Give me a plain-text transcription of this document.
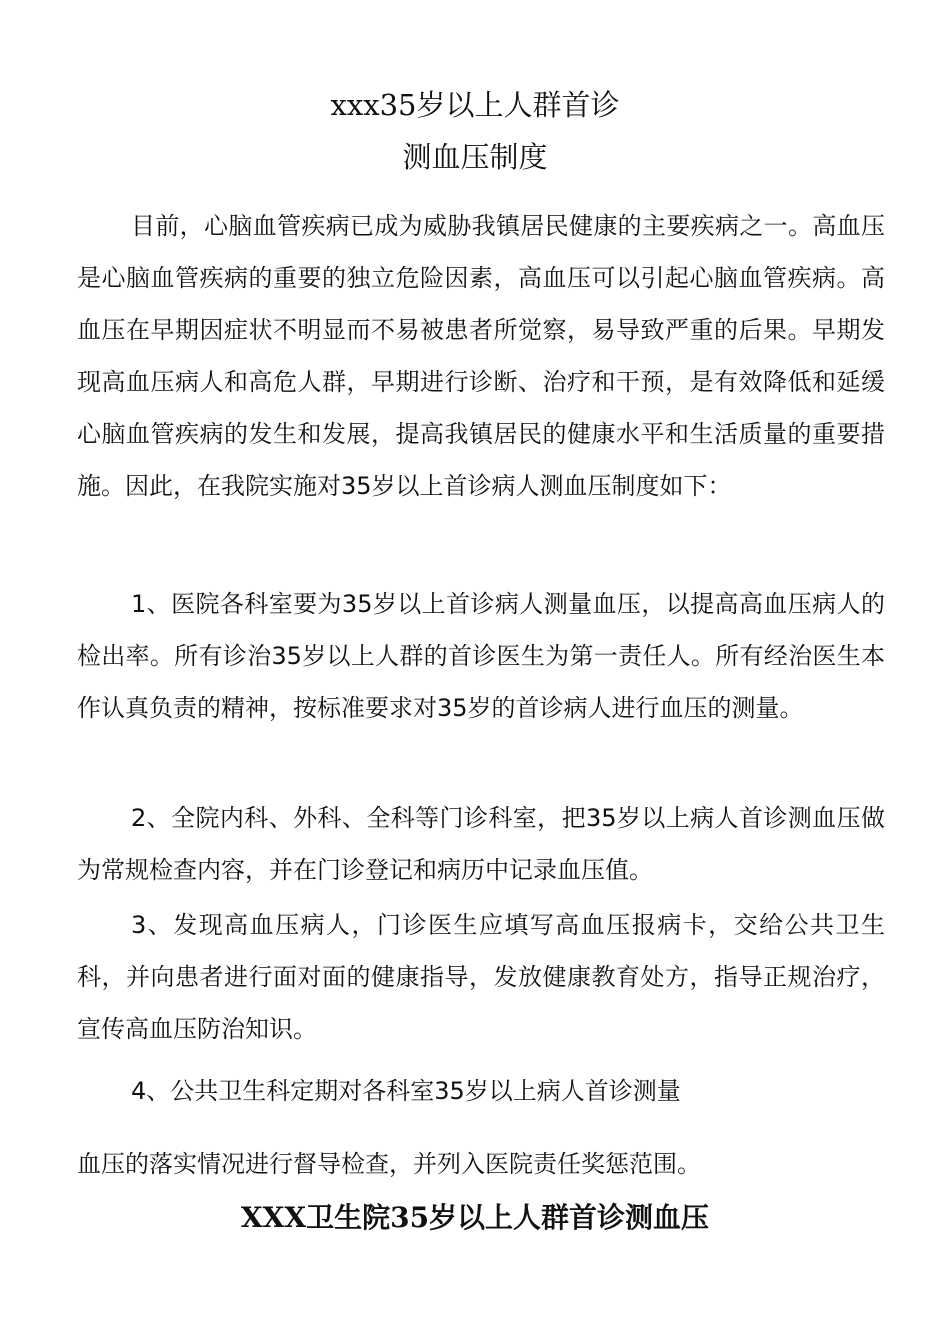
xxx35岁以上人群首诊
测血压制度

目前，心脑血管疾病已成为威胁我镇居民健康的主要疾病之一。高血压是心脑血管疾病的重要的独立危险因素，高血压可以引起心脑血管疾病。高血压在早期因症状不明显而不易被患者所觉察，易导致严重的后果。早期发现高血压病人和高危人群，早期进行诊断、治疗和干预，是有效降低和延缓心脑血管疾病的发生和发展，提高我镇居民的健康水平和生活质量的重要措施。因此，在我院实施对35岁以上首诊病人测血压制度如下：

1、医院各科室要为35岁以上首诊病人测量血压，以提高高血压病人的检出率。所有诊治35岁以上人群的首诊医生为第一责任人。所有经治医生本作认真负责的精神，按标准要求对35岁的首诊病人进行血压的测量。

2、全院内科、外科、全科等门诊科室，把35岁以上病人首诊测血压做为常规检查内容，并在门诊登记和病历中记录血压值。

3、发现高血压病人，门诊医生应填写高血压报病卡，交给公共卫生科，并向患者进行面对面的健康指导，发放健康教育处方，指导正规治疗，宣传高血压防治知识。

4、公共卫生科定期对各科室35岁以上病人首诊测量

血压的落实情况进行督导检查，并列入医院责任奖惩范围。

XXX卫生院35岁以上人群首诊测血压
